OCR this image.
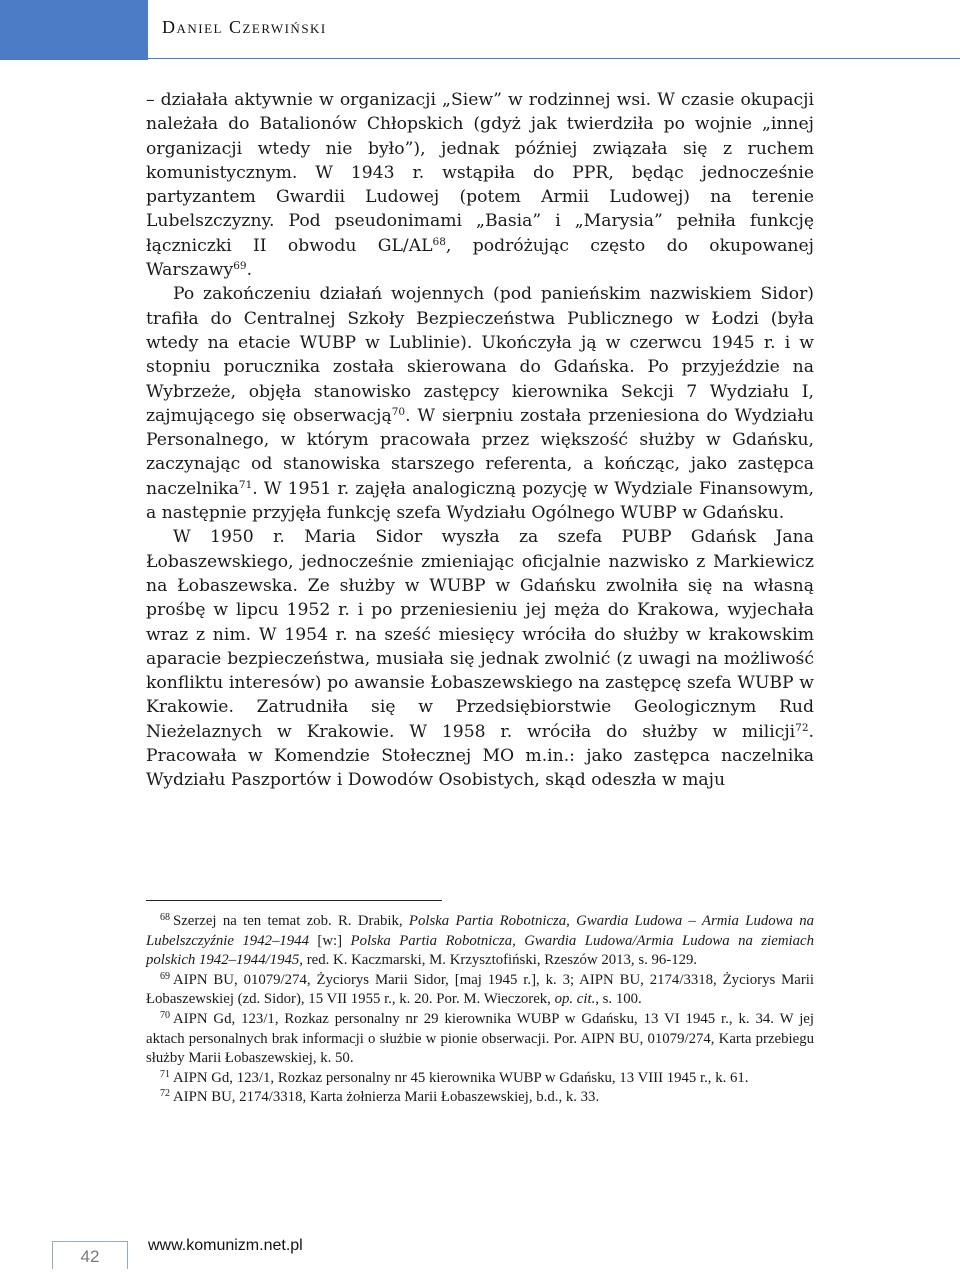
Daniel Czerwiński

– działała aktywnie w organizacji „Siew” w rodzinnej wsi. W czasie okupacji należała do Batalionów Chłopskich (gdyż jak twierdziła po wojnie „innej organizacji wtedy nie było”), jednak później związała się z ruchem komunistycznym. W 1943 r. wstąpiła do PPR, będąc jednocześnie partyzantem Gwardii Ludowej (potem Armii Ludowej) na terenie Lubelszczyzny. Pod pseudonimami „Basia” i „Marysia” pełniła funkcję łączniczki II obwodu GL/AL$^{68}$, podróżując często do okupowanej Warszawy$^{69}$.

Po zakończeniu działań wojennych (pod panieńskim nazwiskiem Sidor) trafiła do Centralnej Szkoły Bezpieczeństwa Publicznego w Łodzi (była wtedy na etacie WUBP w Lublinie). Ukończyła ją w czerwcu 1945 r. i w stopniu porucznika została skierowana do Gdańska. Po przyjeździe na Wybrzeże, objęła stanowisko zastępcy kierownika Sekcji 7 Wydziału I, zajmującego się obserwacją$^{70}$. W sierpniu została przeniesiona do Wydziału Personalnego, w którym pracowała przez większość służby w Gdańsku, zaczynając od stanowiska starszego referenta, a kończąc, jako zastępca naczelnika$^{71}$. W 1951 r. zajęła analogiczną pozycję w Wydziale Finansowym, a następnie przyjęła funkcję szefa Wydziału Ogólnego WUBP w Gdańsku.

W 1950 r. Maria Sidor wyszła za szefa PUBP Gdańsk Jana Łobaszewskiego, jednocześnie zmieniając oficjalnie nazwisko z Markiewicz na Łobaszewska. Ze służby w WUBP w Gdańsku zwolniła się na własną prośbę w lipcu 1952 r. i po przeniesieniu jej męża do Krakowa, wyjechała wraz z nim. W 1954 r. na sześć miesięcy wróciła do służby w krakowskim aparacie bezpieczeństwa, musiała się jednak zwolnić (z uwagi na możliwość konfliktu interesów) po awansie Łobaszewskiego na zastępcę szefa WUBP w Krakowie. Zatrudniła się w Przedsiębiorstwie Geologicznym Rud Nieżelaznych w Krakowie. W 1958 r. wróciła do służby w milicji$^{72}$. Pracowała w Komendzie Stołecznej MO m.in.: jako zastępca naczelnika Wydziału Paszportów i Dowodów Osobistych, skąd odeszła w maju

$^{68}$ Szerzej na ten temat zob. R. Drabik, Polska Partia Robotnicza, Gwardia Ludowa – Armia Ludowa na Lubelszczyźnie 1942–1944 [w:] Polska Partia Robotnicza, Gwardia Ludowa/Armia Ludowa na ziemiach polskich 1942–1944/1945, red. K. Kaczmarski, M. Krzysztofiński, Rzeszów 2013, s. 96-129.

$^{69}$ AIPN BU, 01079/274, Życiorys Marii Sidor, [maj 1945 r.], k. 3; AIPN BU, 2174/3318, Życiorys Marii Łobaszewskiej (zd. Sidor), 15 VII 1955 r., k. 20. Por. M. Wieczorek, op. cit., s. 100.

$^{70}$ AIPN Gd, 123/1, Rozkaz personalny nr 29 kierownika WUBP w Gdańsku, 13 VI 1945 r., k. 34. W jej aktach personalnych brak informacji o służbie w pionie obserwacji. Por. AIPN BU, 01079/274, Karta przebiegu służby Marii Łobaszewskiej, k. 50.

$^{71}$ AIPN Gd, 123/1, Rozkaz personalny nr 45 kierownika WUBP w Gdańsku, 13 VIII 1945 r., k. 61.

$^{72}$ AIPN BU, 2174/3318, Karta żołnierza Marii Łobaszewskiej, b.d., k. 33.

42
www.komunizm.net.pl
